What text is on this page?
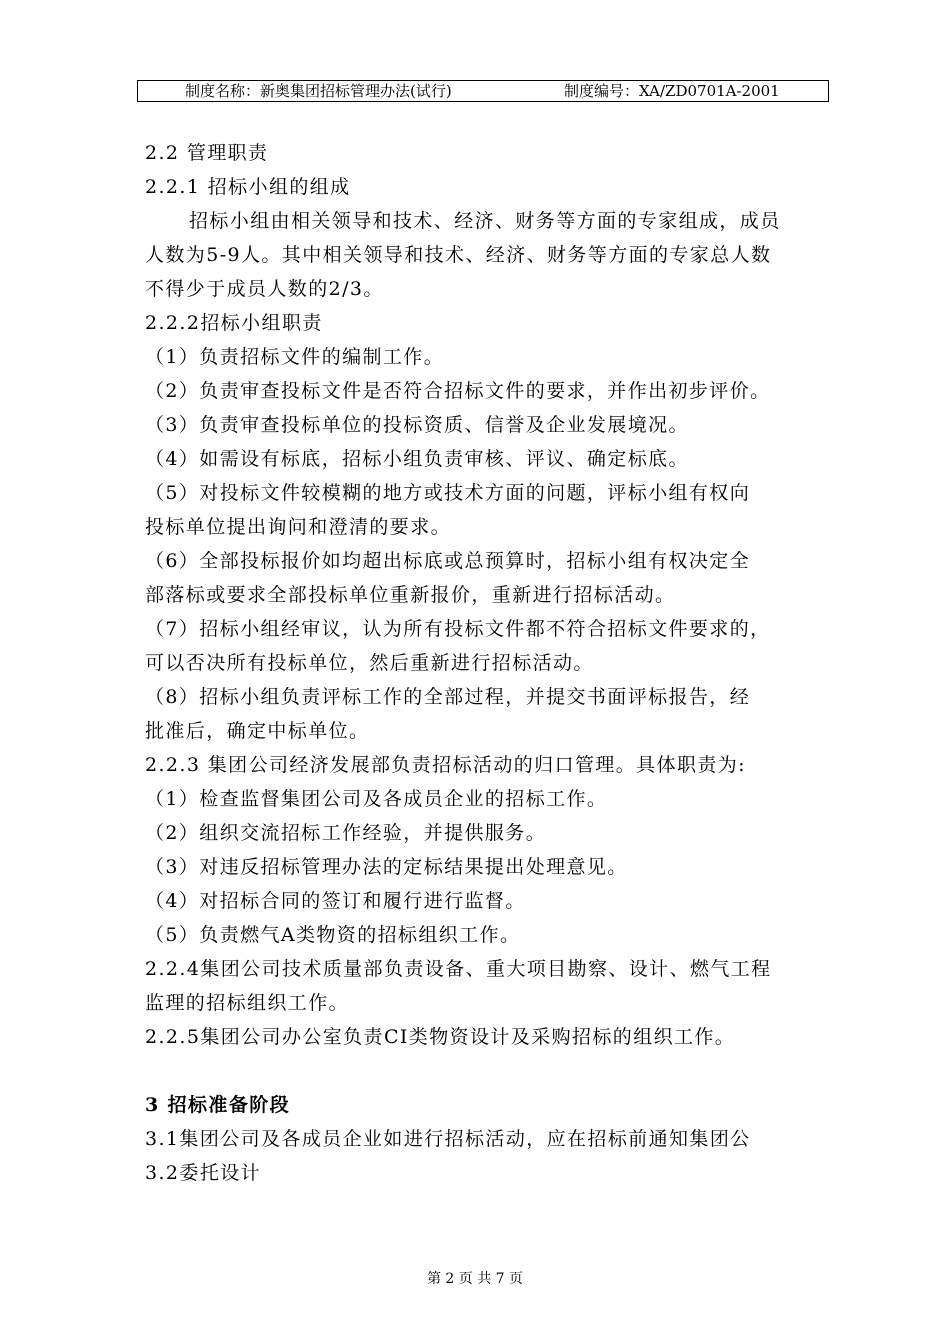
制度名称：新奥集团招标管理办法(试行)	制度编号：XA/ZD0701A-2001
2.2 管理职责
2.2.1 招标小组的组成
招标小组由相关领导和技术、经济、财务等方面的专家组成，成员
人数为5-9人。其中相关领导和技术、经济、财务等方面的专家总人数
不得少于成员人数的2/3。
2.2.2招标小组职责
（1）负责招标文件的编制工作。
（2）负责审查投标文件是否符合招标文件的要求，并作出初步评价。
（3）负责审查投标单位的投标资质、信誉及企业发展境况。
（4）如需设有标底，招标小组负责审核、评议、确定标底。
（5）对投标文件较模糊的地方或技术方面的问题，评标小组有权向
投标单位提出询问和澄清的要求。
（6）全部投标报价如均超出标底或总预算时，招标小组有权决定全
部落标或要求全部投标单位重新报价，重新进行招标活动。
（7）招标小组经审议，认为所有投标文件都不符合招标文件要求的，
可以否决所有投标单位，然后重新进行招标活动。
（8）招标小组负责评标工作的全部过程，并提交书面评标报告，经
批准后，确定中标单位。
2.2.3 集团公司经济发展部负责招标活动的归口管理。具体职责为:
（1）检查监督集团公司及各成员企业的招标工作。
（2）组织交流招标工作经验，并提供服务。
（3）对违反招标管理办法的定标结果提出处理意见。
（4）对招标合同的签订和履行进行监督。
（5）负责燃气A类物资的招标组织工作。
2.2.4集团公司技术质量部负责设备、重大项目勘察、设计、燃气工程
监理的招标组织工作。
2.2.5集团公司办公室负责CI类物资设计及采购招标的组织工作。
3 招标准备阶段
3.1集团公司及各成员企业如进行招标活动，应在招标前通知集团公
3.2委托设计
第 2 页 共 7 页
